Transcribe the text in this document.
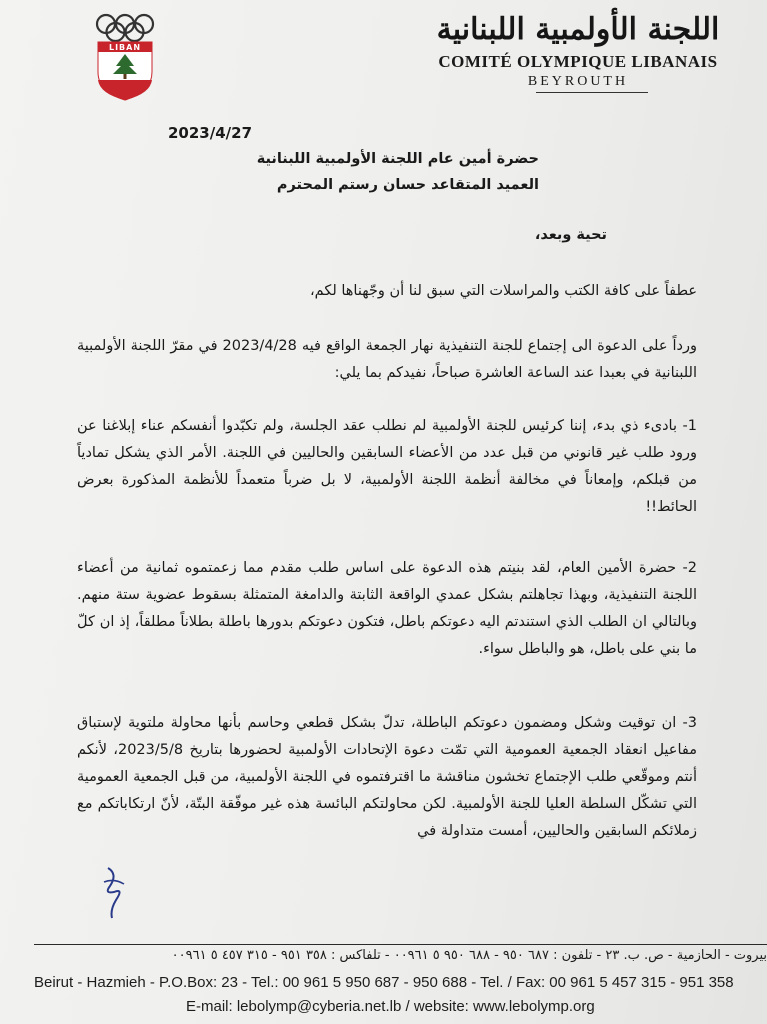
LIBAN
اللجنة الأولمبية اللبنانية
COMITÉ OLYMPIQUE LIBANAIS
BEYROUTH
2023/4/27
حضرة أمين عام اللجنة الأولمبية اللبنانية
العميد المتقاعد حسان رستم المحترم
تحية وبعد،
عطفاً على كافة الكتب والمراسلات التي سبق لنا أن وجّهناها لكم،
ورداً على الدعوة الى إجتماع للجنة التنفيذية نهار الجمعة الواقع فيه 2023/4/28 في مقرّ اللجنة الأولمبية اللبنانية في بعبدا عند الساعة العاشرة صباحاً، نفيدكم بما يلي:
1- بادىء ذي بدء، إننا كرئيس للجنة الأولمبية لم نطلب عقد الجلسة، ولم تكبّدوا أنفسكم عناء إبلاغنا عن ورود طلب غير قانوني من قبل عدد من الأعضاء السابقين والحاليين في اللجنة. الأمر الذي يشكل تمادياً من قبلكم، وإمعاناً في مخالفة أنظمة اللجنة الأولمبية، لا بل ضرباً متعمداً للأنظمة المذكورة بعرض الحائط!!
2- حضرة الأمين العام، لقد بنيتم هذه الدعوة على اساس طلب مقدم مما زعمتموه ثمانية من أعضاء اللجنة التنفيذية، وبهذا تجاهلتم بشكل عمدي الواقعة الثابتة والدامغة المتمثلة بسقوط عضوية ستة منهم. وبالتالي ان الطلب الذي استندتم اليه دعوتكم باطل، فتكون دعوتكم بدورها باطلة بطلاناً مطلقاً، إذ ان كلّ ما بني على باطل، هو والباطل سواء.
3- ان توقيت وشكل ومضمون دعوتكم الباطلة، تدلّ بشكل قطعي وحاسم بأنها محاولة ملتوية لإستباق مفاعيل انعقاد الجمعية العمومية التي تمّت دعوة الإتحادات الأولمبية لحضورها بتاريخ 2023/5/8، لأنكم أنتم وموقّعي طلب الإجتماع تخشون مناقشة ما اقترفتموه في اللجنة الأولمبية، من قبل الجمعية العمومية التي تشكّل السلطة العليا للجنة الأولمبية. لكن محاولتكم البائسة هذه غير موفّقة البتّة، لأنّ ارتكاباتكم مع زملائكم السابقين والحاليين، أمست متداولة في
بيروت - الحازمية - ص. ب. ٢٣ - تلفون : ٦٨٧ ٩٥٠ - ٦٨٨ ٩٥٠ ٥ ٠٠٩٦١ - تلفاكس : ٣٥٨ ٩٥١ - ٣١٥ ٤٥٧ ٥ ٠٠٩٦١
Beirut - Hazmieh - P.O.Box: 23 - Tel.: 00 961 5 950 687 - 950 688 - Tel. / Fax: 00 961 5 457 315 - 951 358
E-mail: lebolymp@cyberia.net.lb / website: www.lebolymp.org
